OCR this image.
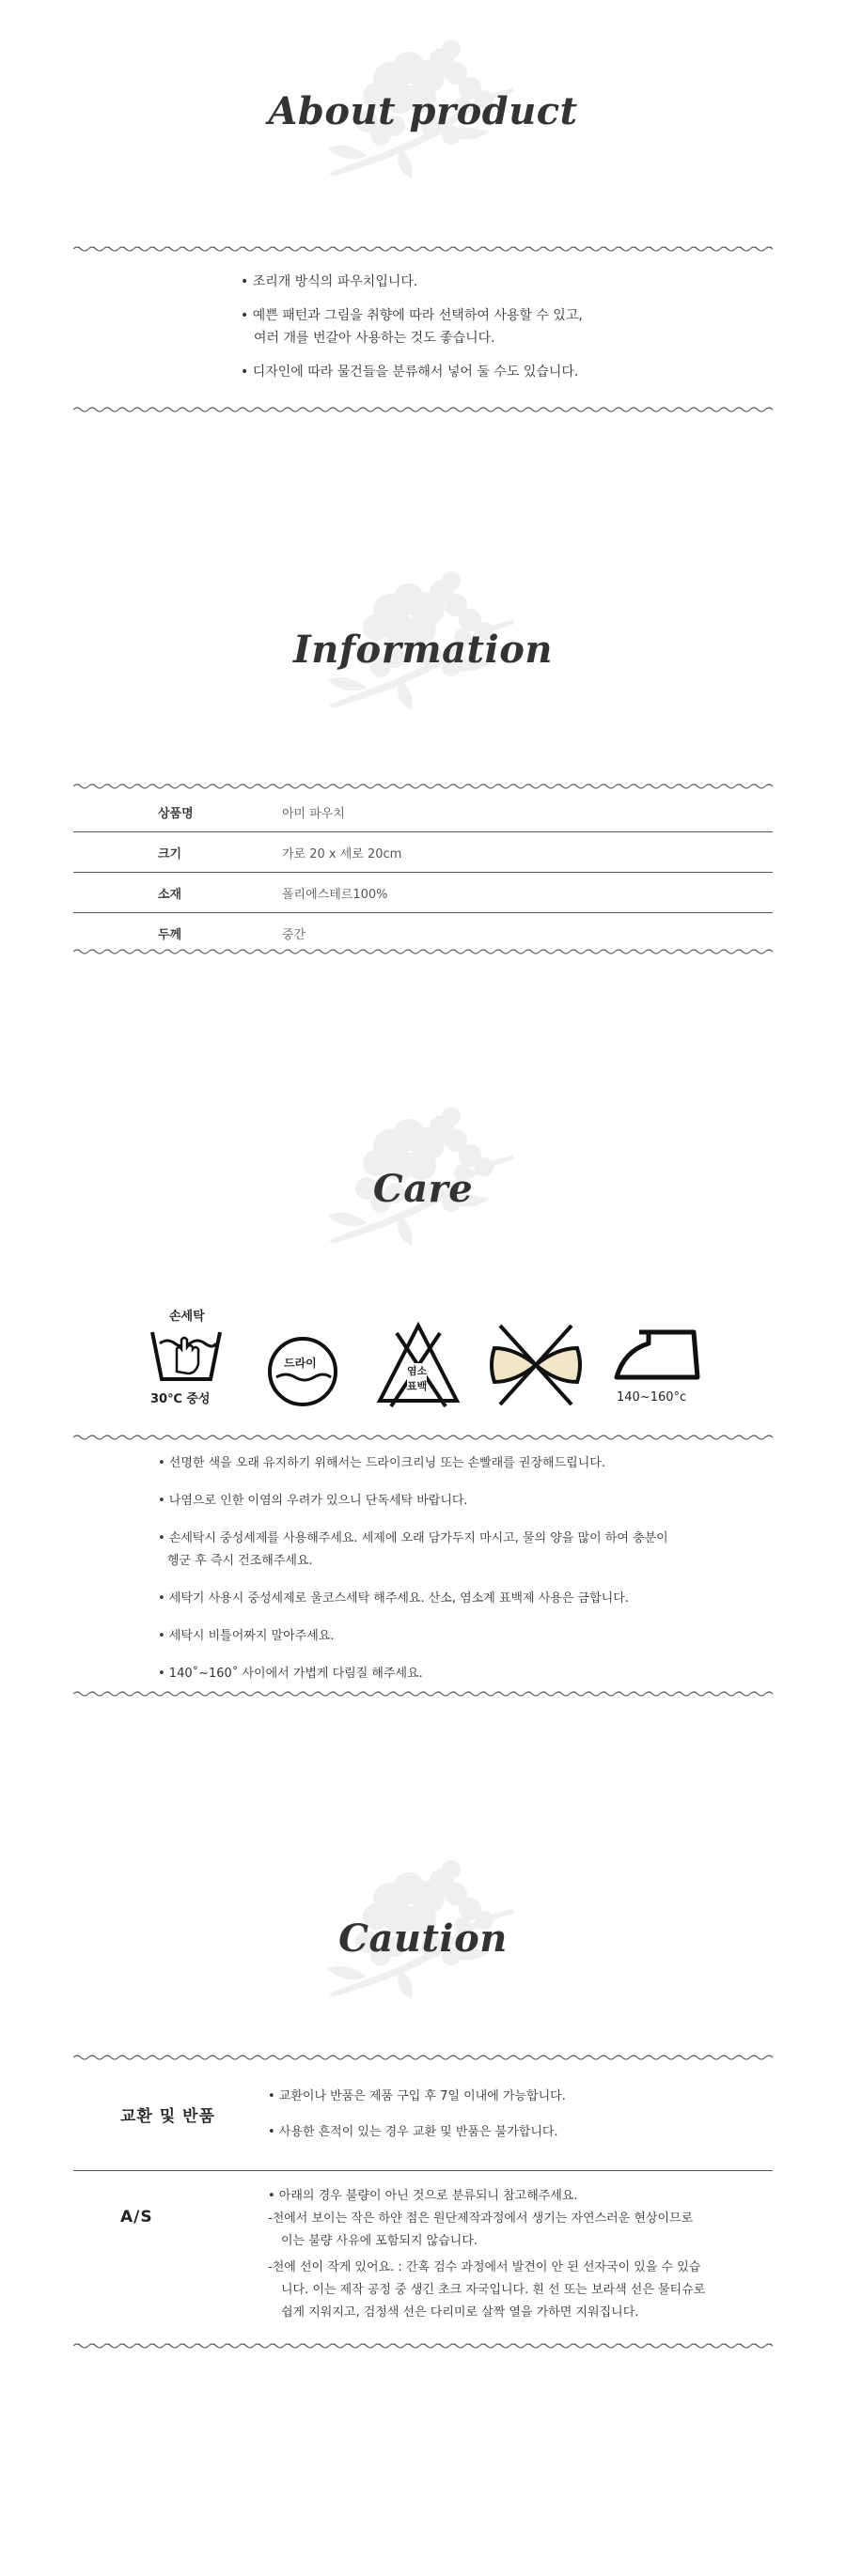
About product
• 조리개 방식의 파우치입니다.
• 예쁜 패턴과 그림을 취향에 따라 선택하여 사용할 수 있고,
여러 개를 번갈아 사용하는 것도 좋습니다.
• 디자인에 따라 물건들을 분류해서 넣어 둘 수도 있습니다.
Information
상품명	아미 파우치
크기	가로 20 x 세로 20cm
소재	폴리에스테르100%
두께	중간
Care
손세탁
30℃ 중성
드라이
염소
표백
140~160°c
• 선명한 색을 오래 유지하기 위해서는 드라이크리닝 또는 손빨래를 권장해드립니다.
• 나염으로 인한 이염의 우려가 있으니 단독세탁 바랍니다.
• 손세탁시 중성세제를 사용해주세요. 세제에 오래 담가두지 마시고, 물의 양을 많이 하여 충분이
헹군 후 즉시 건조해주세요.
• 세탁기 사용시 중성세제로 울코스세탁 해주세요. 산소, 염소계 표백제 사용은 금합니다.
• 세탁시 비틀어짜지 말아주세요.
• 140˚~160˚ 사이에서 가볍게 다림질 해주세요.
Caution
교환 및 반품
• 교환이나 반품은 제품 구입 후 7일 이내에 가능합니다.
• 사용한 흔적이 있는 경우 교환 및 반품은 불가합니다.
A/S
• 아래의 경우 불량이 아닌 것으로 분류되니 참고해주세요.
-천에서 보이는 작은 하얀 점은 원단제작과정에서 생기는 자연스러운 현상이므로
이는 불량 사유에 포함되지 않습니다.
-천에 선이 작게 있어요. : 간혹 검수 과정에서 발견이 안 된 선자국이 있을 수 있습
니다. 이는 제작 공정 중 생긴 초크 자국입니다. 흰 선 또는 보라색 선은 물티슈로
쉽게 지워지고, 검정색 선은 다리미로 살짝 열을 가하면 지워집니다.
